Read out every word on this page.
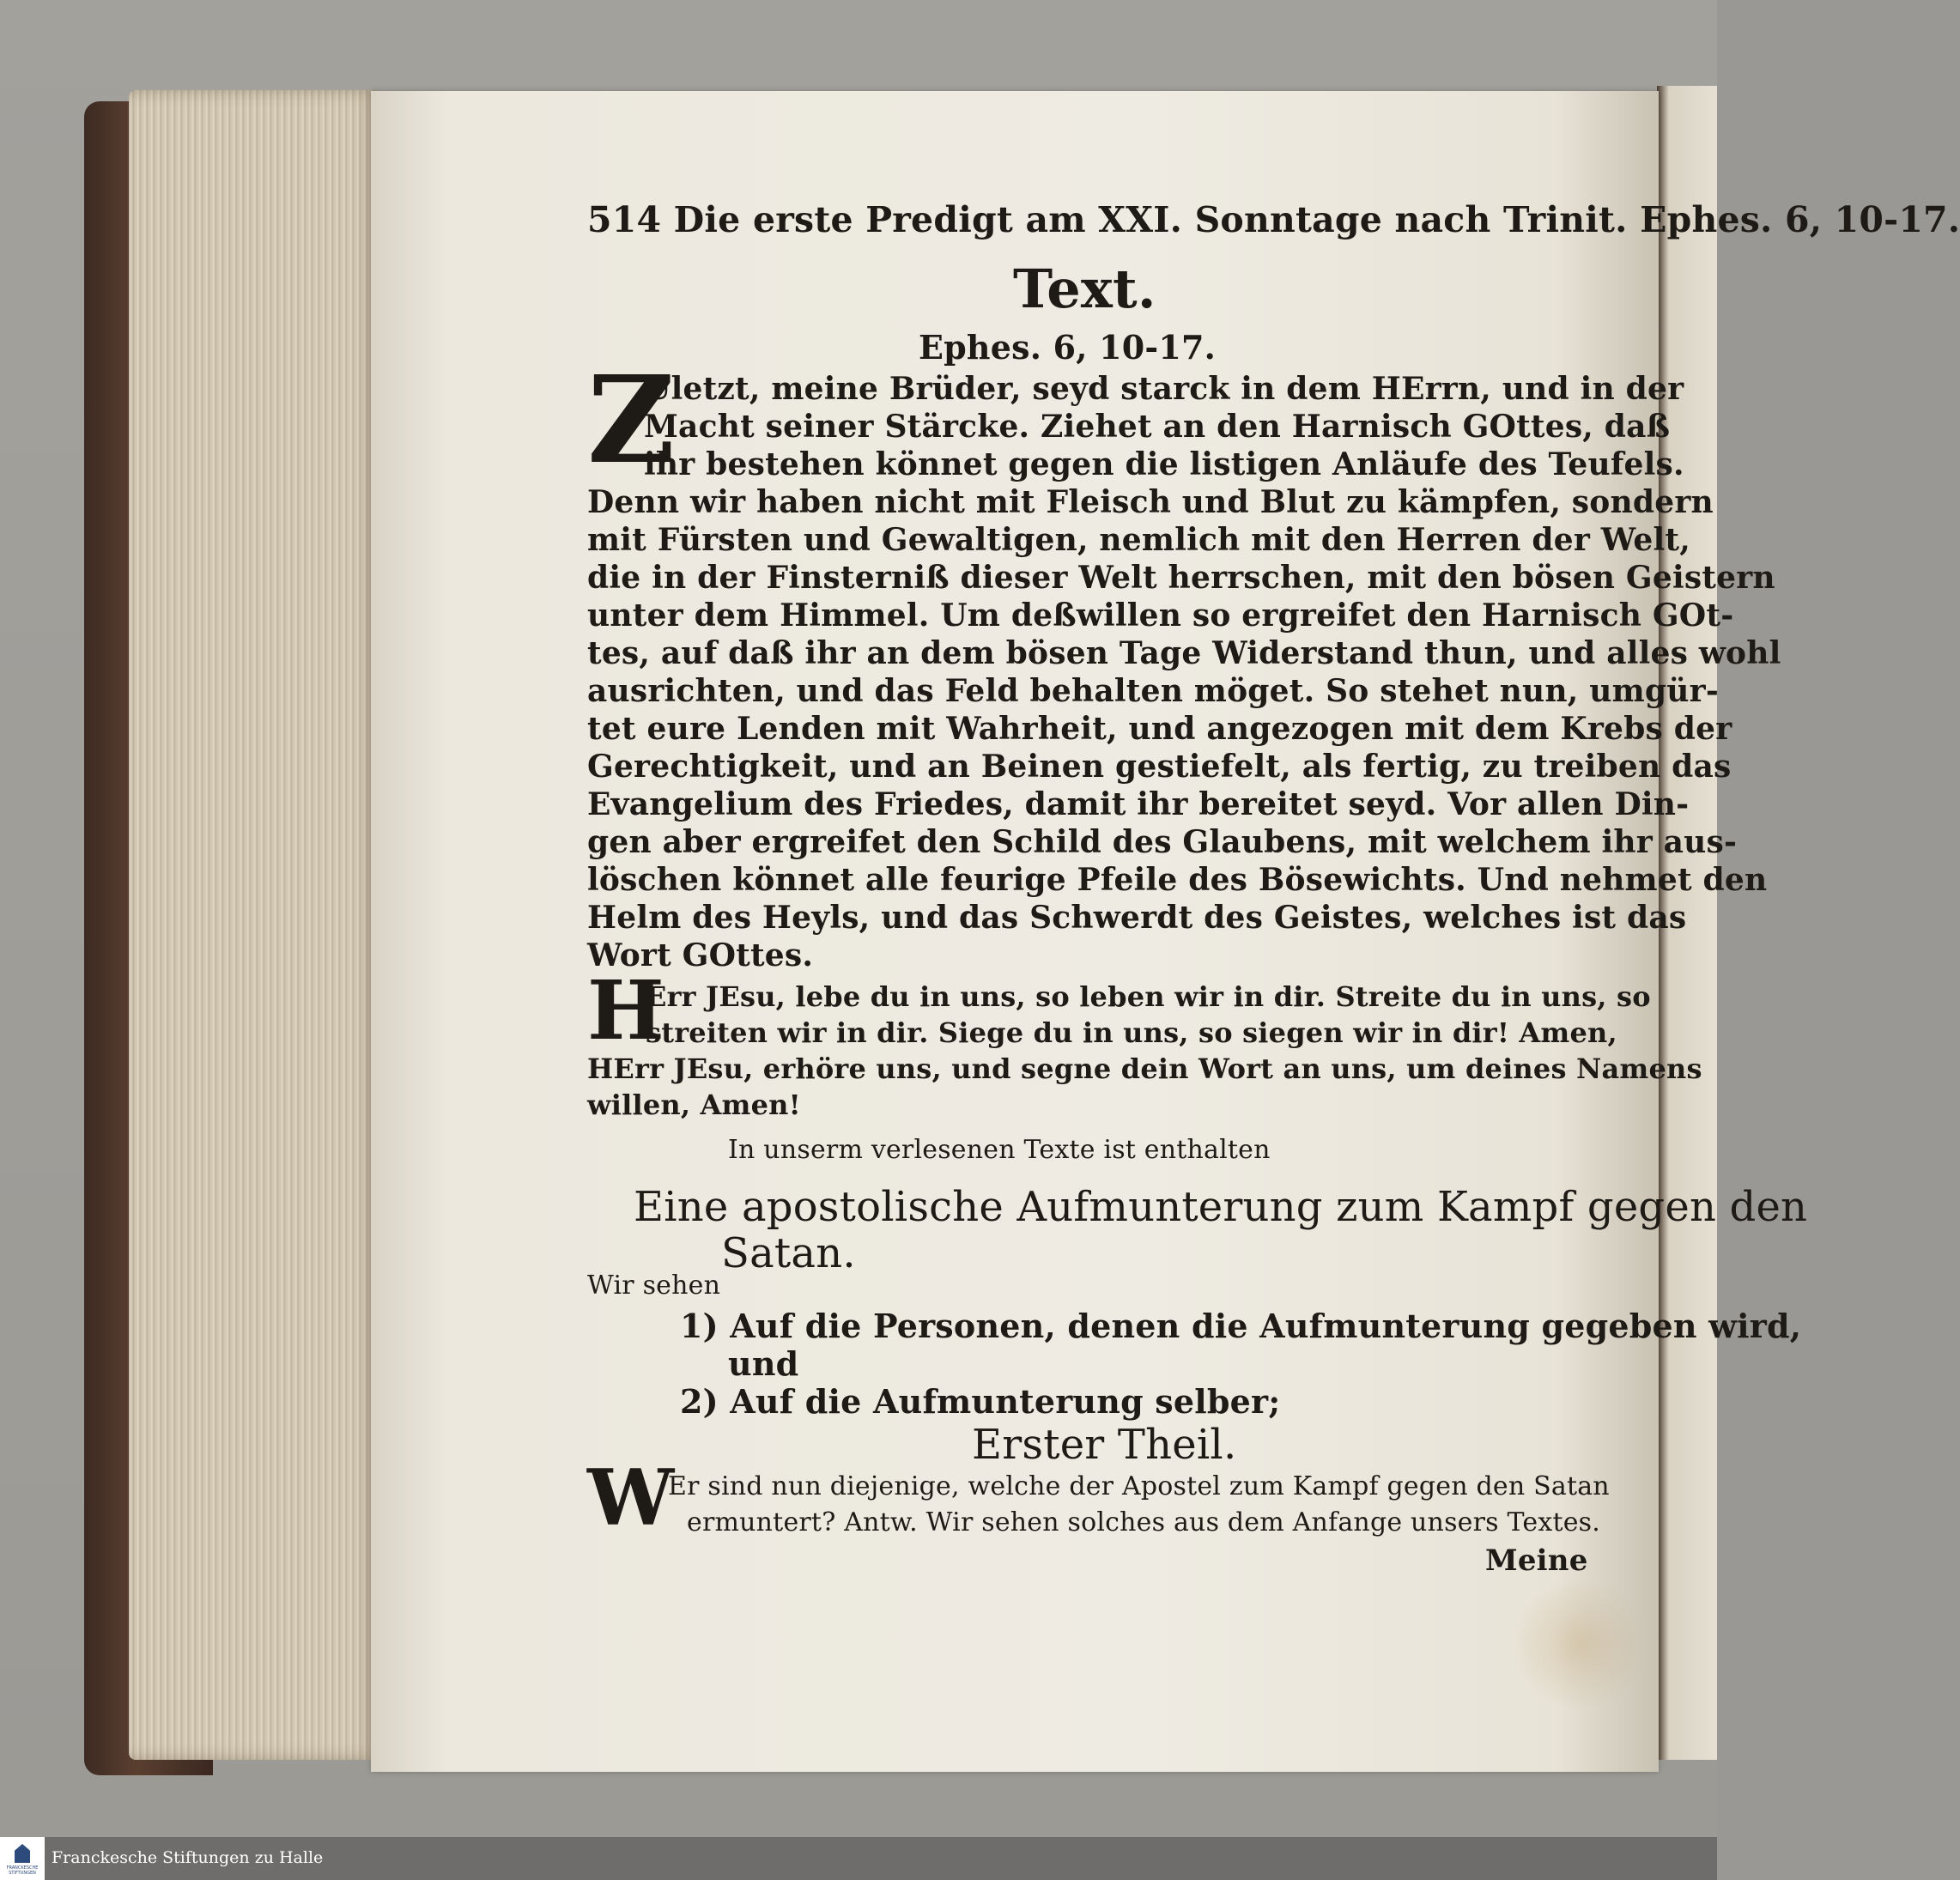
514 Die erste Predigt am XXI. Sonntage nach Trinit. Ephes. 6, 10-17.
Text.
Ephes. 6, 10-17.
Z
Uletzt, meine Brüder, seyd starck in dem HErrn, und in der
Macht seiner Stärcke. Ziehet an den Harnisch GOttes, daß
ihr bestehen könnet gegen die listigen Anläufe des Teufels.
Denn wir haben nicht mit Fleisch und Blut zu kämpfen, sondern
mit Fürsten und Gewaltigen, nemlich mit den Herren der Welt,
die in der Finsterniß dieser Welt herrschen, mit den bösen Geistern
unter dem Himmel. Um deßwillen so ergreifet den Harnisch GOt-
tes, auf daß ihr an dem bösen Tage Widerstand thun, und alles wohl
ausrichten, und das Feld behalten möget. So stehet nun, umgür-
tet eure Lenden mit Wahrheit, und angezogen mit dem Krebs der
Gerechtigkeit, und an Beinen gestiefelt, als fertig, zu treiben das
Evangelium des Friedes, damit ihr bereitet seyd. Vor allen Din-
gen aber ergreifet den Schild des Glaubens, mit welchem ihr aus-
löschen könnet alle feurige Pfeile des Bösewichts. Und nehmet den
Helm des Heyls, und das Schwerdt des Geistes, welches ist das
Wort GOttes.
H
Err JEsu, lebe du in uns, so leben wir in dir. Streite du in uns, so
streiten wir in dir. Siege du in uns, so siegen wir in dir! Amen,
HErr JEsu, erhöre uns, und segne dein Wort an uns, um deines Namens
willen, Amen!
In unserm verlesenen Texte ist enthalten
Eine apostolische Aufmunterung zum Kampf gegen den
Satan.
Wir sehen
1) Auf die Personen, denen die Aufmunterung gegeben wird,
und
2) Auf die Aufmunterung selber;
Erster Theil.
W
Er sind nun diejenige, welche der Apostel zum Kampf gegen den Satan
ermuntert? Antw. Wir sehen solches aus dem Anfange unsers Textes.
Meine
FRANCKESCHE STIFTUNGEN
Franckesche Stiftungen zu Halle
